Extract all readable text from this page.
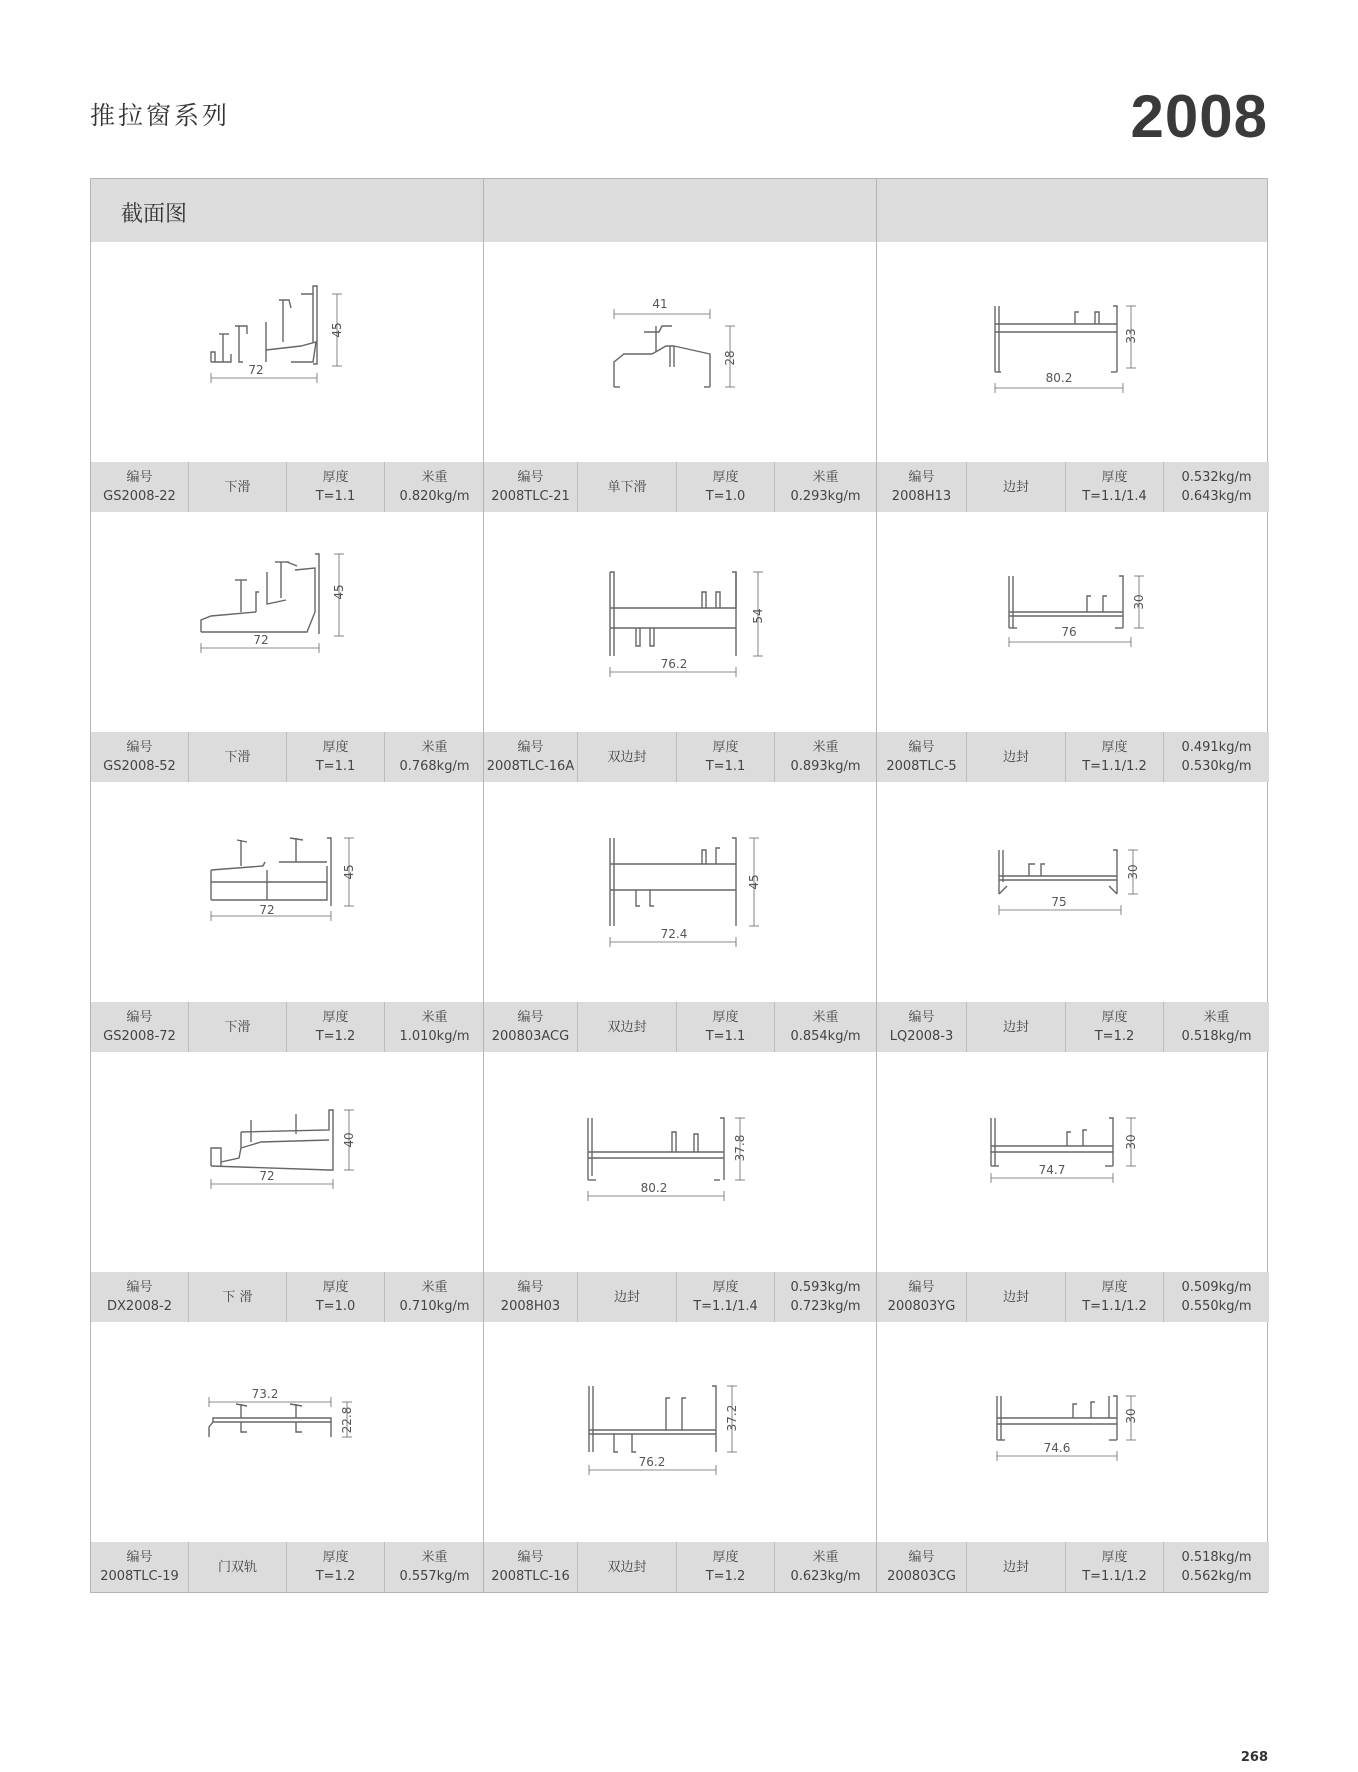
推拉窗系列	2008
截面图
72
45
编号
GS2008-22
下滑
厚度
T=1.1
米重
0.820kg/m
72
45
编号
GS2008-52
下滑
厚度
T=1.1
米重
0.768kg/m
72
45
编号
GS2008-72
下滑
厚度
T=1.2
米重
1.010kg/m
72
40
编号
DX2008-2
下 滑
厚度
T=1.0
米重
0.710kg/m
73.2
22.8
编号
2008TLC-19
门双轨
厚度
T=1.2
米重
0.557kg/m
41
28
编号
2008TLC-21
单下滑
厚度
T=1.0
米重
0.293kg/m
76.2
54
编号
2008TLC-16A
双边封
厚度
T=1.1
米重
0.893kg/m
72.4
45
编号
200803ACG
双边封
厚度
T=1.1
米重
0.854kg/m
80.2
37.8
编号
2008H03
边封
厚度
T=1.1/1.4
0.593kg/m
0.723kg/m
76.2
37.2
编号
2008TLC-16
双边封
厚度
T=1.2
米重
0.623kg/m
80.2
33
编号
2008H13
边封
厚度
T=1.1/1.4
0.532kg/m
0.643kg/m
76
30
编号
2008TLC-5
边封
厚度
T=1.1/1.2
0.491kg/m
0.530kg/m
75
30
编号
LQ2008-3
边封
厚度
T=1.2
米重
0.518kg/m
74.7
30
编号
200803YG
边封
厚度
T=1.1/1.2
0.509kg/m
0.550kg/m
74.6
30
编号
200803CG
边封
厚度
T=1.1/1.2
0.518kg/m
0.562kg/m
268
